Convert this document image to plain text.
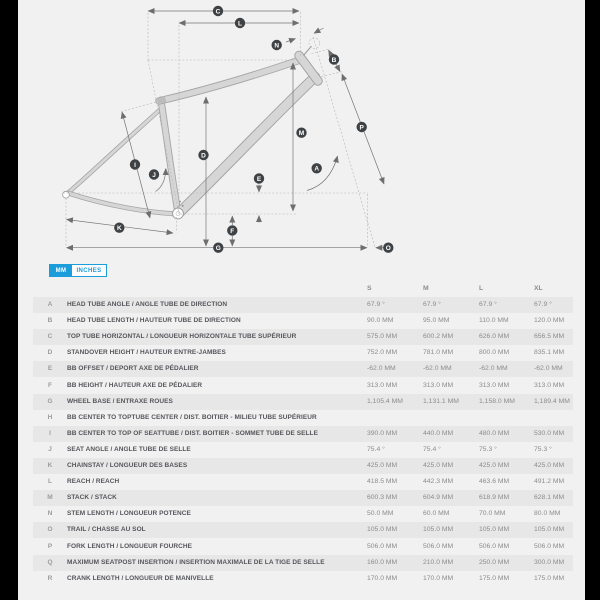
C
L
N
B
P
M
A
D
E
I
J
K	F
G	O
MM	INCHES
S	M	L	XL
A	HEAD TUBE ANGLE / ANGLE TUBE DE DIRECTION	67.9 °	67.9 °	67.9 °	67.9 °
B	HEAD TUBE LENGTH / HAUTEUR TUBE DE DIRECTION	90.0 MM	95.0 MM	110.0 MM	120.0 MM
C	TOP TUBE HORIZONTAL / LONGUEUR HORIZONTALE TUBE SUPÉRIEUR	575.0 MM	600.2 MM	626.0 MM	656.5 MM
D	STANDOVER HEIGHT / HAUTEUR ENTRE-JAMBES	752.0 MM	781.0 MM	800.0 MM	835.1 MM
E	BB OFFSET / DEPORT AXE DE PÉDALIER	-62.0 MM	-62.0 MM	-62.0 MM	-62.0 MM
F	BB HEIGHT / HAUTEUR AXE DE PÉDALIER	313.0 MM	313.0 MM	313.0 MM	313.0 MM
G	WHEEL BASE / ENTRAXE ROUES	1,105.4 MM	1,131.1 MM	1,158.0 MM	1,189.4 MM
H	BB CENTER TO TOPTUBE CENTER / DIST. BOITIER - MILIEU TUBE SUPÉRIEUR
I	BB CENTER TO TOP OF SEATTUBE / DIST. BOITIER - SOMMET TUBE DE SELLE	390.0 MM	440.0 MM	480.0 MM	530.0 MM
J	SEAT ANGLE / ANGLE TUBE DE SELLE	75.4 °	75.4 °	75.3 °	75.3 °
K	CHAINSTAY / LONGUEUR DES BASES	425.0 MM	425.0 MM	425.0 MM	425.0 MM
L	REACH / REACH	418.5 MM	442.3 MM	463.6 MM	491.2 MM
M	STACK / STACK	600.3 MM	604.9 MM	618.9 MM	628.1 MM
N	STEM LENGTH / LONGUEUR POTENCE	50.0 MM	60.0 MM	70.0 MM	80.0 MM
O	TRAIL / CHASSE AU SOL	105.0 MM	105.0 MM	105.0 MM	105.0 MM
P	FORK LENGTH / LONGUEUR FOURCHE	506.0 MM	506.0 MM	506.0 MM	506.0 MM
Q	MAXIMUM SEATPOST INSERTION / INSERTION MAXIMALE DE LA TIGE DE SELLE	160.0 MM	210.0 MM	250.0 MM	300.0 MM
R	CRANK LENGTH / LONGUEUR DE MANIVELLE	170.0 MM	170.0 MM	175.0 MM	175.0 MM
